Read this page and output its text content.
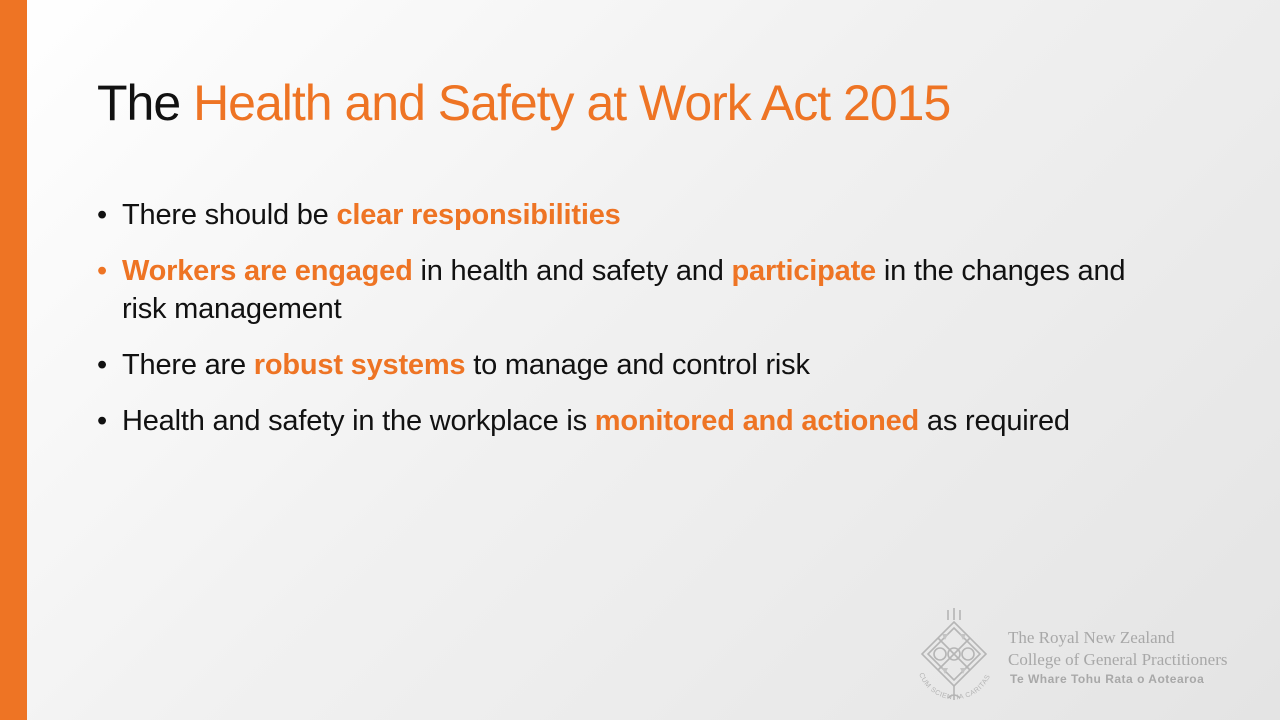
The Health and Safety at Work Act 2015
• There should be clear responsibilities
• Workers are engaged in health and safety and participate in the changes and risk management
• There are robust systems to manage and control risk
• Health and safety in the workplace is monitored and actioned as required
CUM SCIENTIA CARITAS
The Royal New Zealand
College of General Practitioners
Te Whare Tohu Rata o Aotearoa
